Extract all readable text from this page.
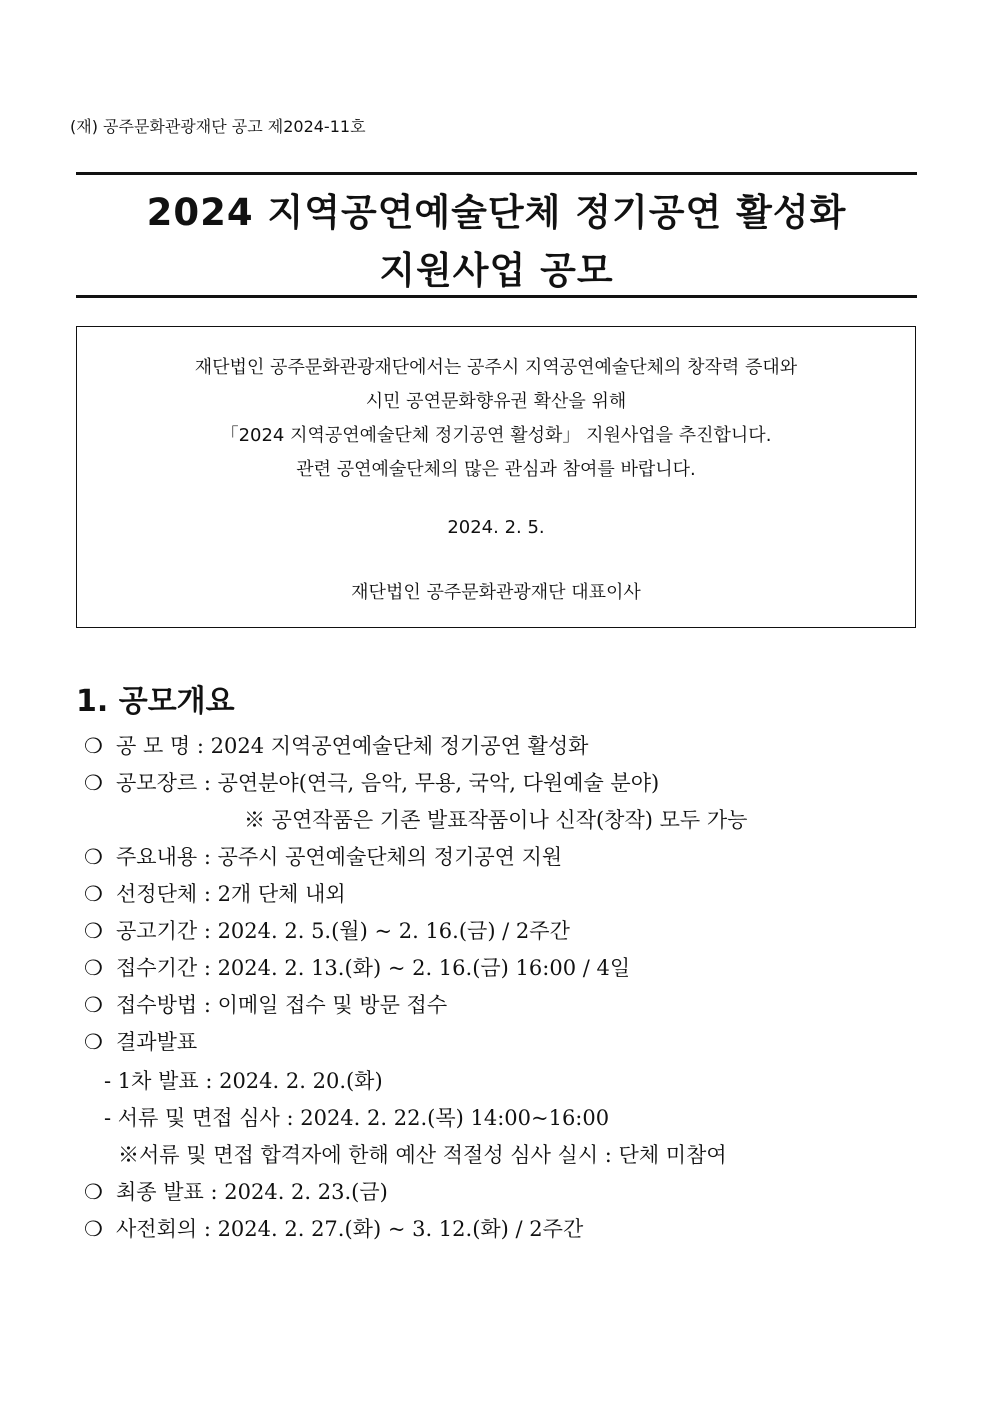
(재) 공주문화관광재단 공고 제2024-11호
2024 지역공연예술단체 정기공연 활성화
지원사업 공모
재단법인 공주문화관광재단에서는 공주시 지역공연예술단체의 창작력 증대와
시민 공연문화향유권 확산을 위해
「2024 지역공연예술단체 정기공연 활성화」 지원사업을 추진합니다.
관련 공연예술단체의 많은 관심과 참여를 바랍니다.
2024. 2. 5.
재단법인 공주문화관광재단 대표이사
1. 공모개요
❍ 공 모 명 : 2024 지역공연예술단체 정기공연 활성화
❍ 공모장르 : 공연분야(연극, 음악, 무용, 국악, 다원예술 분야)
※ 공연작품은 기존 발표작품이나 신작(창작) 모두 가능
❍ 주요내용 : 공주시 공연예술단체의 정기공연 지원
❍ 선정단체 : 2개 단체 내외
❍ 공고기간 : 2024. 2. 5.(월) ~ 2. 16.(금) / 2주간
❍ 접수기간 : 2024. 2. 13.(화) ~ 2. 16.(금) 16:00 / 4일
❍ 접수방법 : 이메일 접수 및 방문 접수
❍ 결과발표
- 1차 발표 : 2024. 2. 20.(화)
- 서류 및 면접 심사 : 2024. 2. 22.(목) 14:00~16:00
※서류 및 면접 합격자에 한해 예산 적절성 심사 실시 : 단체 미참여
❍ 최종 발표 : 2024. 2. 23.(금)
❍ 사전회의 : 2024. 2. 27.(화) ~ 3. 12.(화) / 2주간
